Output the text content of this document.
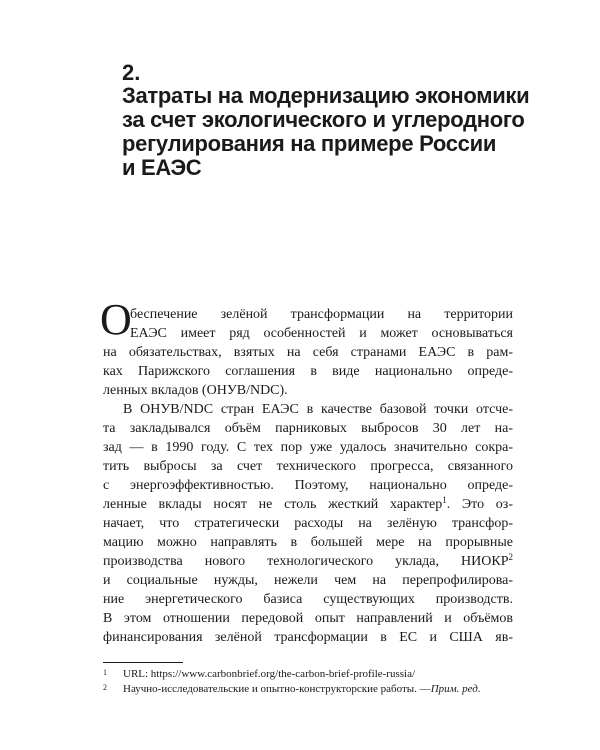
2.
Затраты на модернизацию экономики
за счет экологического и углеродного
регулирования на примере России
и ЕАЭС
О
беспечение зелёной трансформации на территории
ЕАЭС имеет ряд особенностей и может основываться
на обязательствах, взятых на себя странами ЕАЭС в рам-
ках Парижского соглашения в виде национально опреде-
ленных вкладов (ОНУВ/NDC).
В ОНУВ/NDC стран ЕАЭС в качестве базовой точки отсче-
та закладывался объём парниковых выбросов 30 лет на-
зад — в 1990 году. С тех пор уже удалось значительно сокра-
тить выбросы за счет технического прогресса, связанного
с энергоэффективностью. Поэтому, национально опреде-
ленные вклады носят не столь жесткий характер$^1$. Это оз-
начает, что стратегически расходы на зелёную трансфор-
мацию можно направлять в большей мере на прорывные
производства нового технологического уклада, НИОКР$^2$
и социальные нужды, нежели чем на перепрофилирова-
ние энергетического базиса существующих производств.
В этом отношении передовой опыт направлений и объёмов
финансирования зелёной трансформации в ЕС и США яв-
1	URL: https://www.carbonbrief.org/the-carbon-brief-profile-russia/
2	Научно-исследовательские и опытно-конструкторские работы. — Прим. ред.
